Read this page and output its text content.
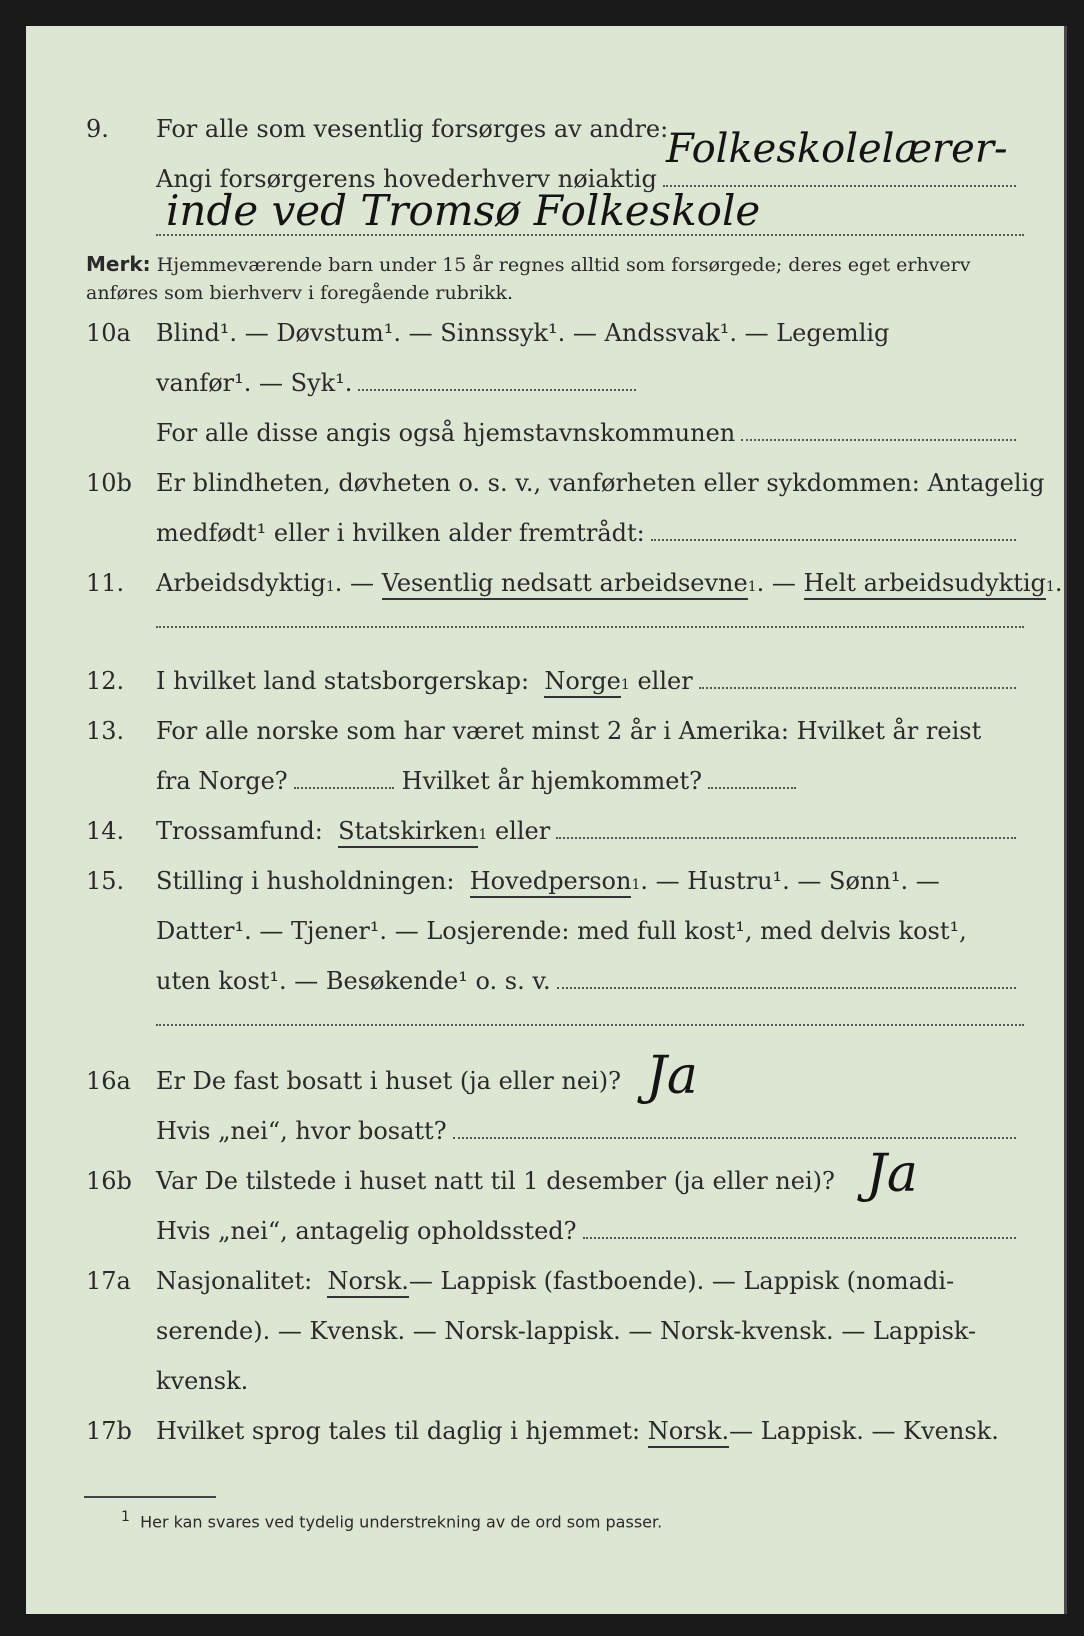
9.	For alle som vesentlig forsørges av andre:
Angi forsørgerens hovederhverv nøiaktig
Folkeskolelærer-
inde ved Tromsø Folkeskole
Merk: Hjemmeværende barn under 15 år regnes alltid som forsørgede; deres eget erhverv anføres som bierhverv i foregående rubrikk.
10a	Blind¹. — Døvstum¹. — Sinnssyk¹. — Andssvak¹. — Legemlig
vanfør¹. — Syk¹.
For alle disse angis også hjemstavnskommunen
10b	Er blindheten, døvheten o. s. v., vanførheten eller sykdommen: Antagelig
medfødt¹ eller i hvilken alder fremtrådt:
11.	Arbeidsdyktig 1 . — Vesentlig nedsatt arbeidsevne 1 . — Helt arbeidsudyktig 1 .
12.	I hvilket land statsborgerskap:
Norge 1
eller
13.	For alle norske som har været minst 2 år i Amerika: Hvilket år reist
fra Norge?	Hvilket år hjemkommet?
14.	Trossamfund:
Statskirken 1
eller
15.	Stilling i husholdningen:
Hovedperson 1 . — Hustru¹. — Sønn¹. —
Datter¹. — Tjener¹. — Losjerende: med full kost¹, med delvis kost¹,
uten kost¹. — Besøkende¹ o. s. v.
16a	Er De fast bosatt i huset (ja eller nei)? Ja
Hvis „nei“, hvor bosatt?
16b	Var De tilstede i huset natt til 1 desember (ja eller nei)? Ja
Hvis „nei“, antagelig opholdssted?
17a	Nasjonalitet:
Norsk. — Lappisk (fastboende). — Lappisk (nomadi-
serende). — Kvensk. — Norsk-lappisk. — Norsk-kvensk. — Lappisk-
kvensk.
17b	Hvilket sprog tales til daglig i hjemmet:
Norsk. — Lappisk. — Kvensk.
$^1$ Her kan svares ved tydelig understrekning av de ord som passer.
